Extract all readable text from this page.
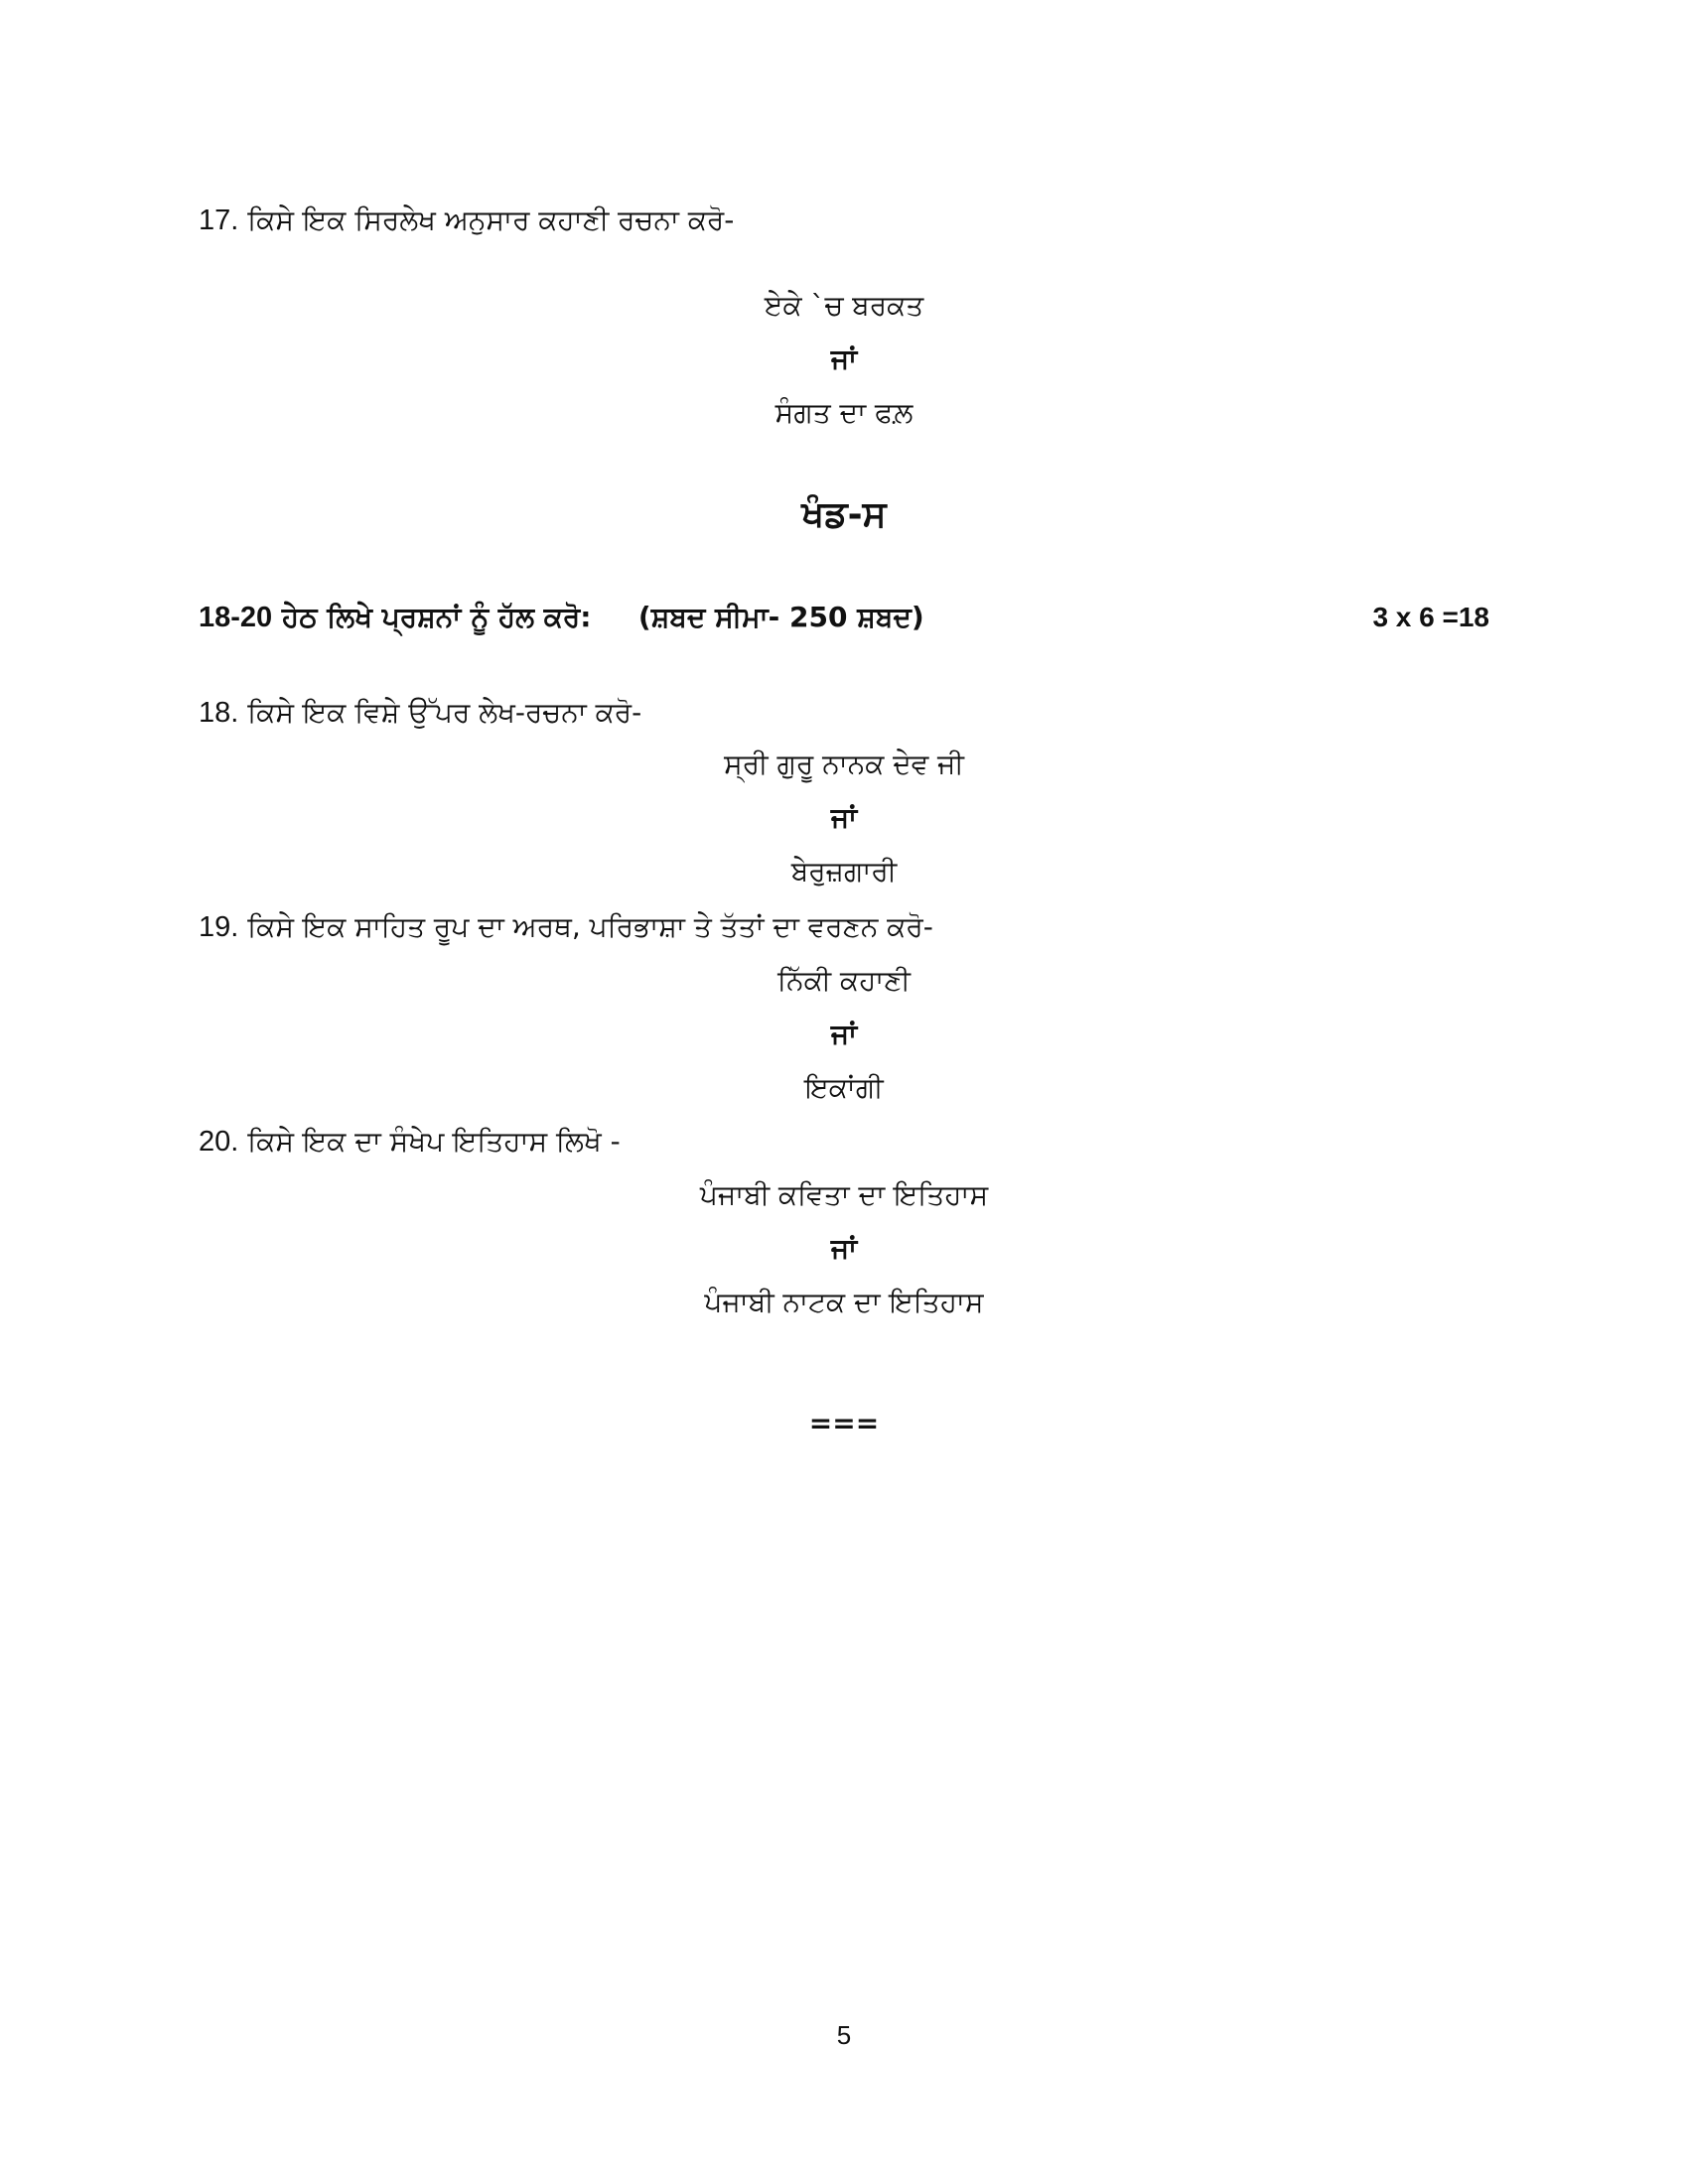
17. ਕਿਸੇ ਇਕ ਸਿਰਲੇਖ ਅਨੁਸਾਰ ਕਹਾਣੀ ਰਚਨਾ ਕਰੋ-
ਏਕੇ `ਚ ਬਰਕਤ
ਜਾਂ
ਸੰਗਤ ਦਾ ਫਲ਼
ਖੰਡ-ਸ
18-20 ਹੇਠ ਲਿਖੇ ਪ੍ਰਸ਼ਨਾਂ ਨੂੰ ਹੱਲ ਕਰੋ: (ਸ਼ਬਦ ਸੀਮਾ- 250 ਸ਼ਬਦ)	3 x 6 =18
18. ਕਿਸੇ ਇਕ ਵਿਸ਼ੇ ਉੱਪਰ ਲੇਖ-ਰਚਨਾ ਕਰੋ-
ਸ੍ਰੀ ਗੁਰੂ ਨਾਨਕ ਦੇਵ ਜੀ
ਜਾਂ
ਬੇਰੁਜ਼ਗਾਰੀ
19. ਕਿਸੇ ਇਕ ਸਾਹਿਤ ਰੂਪ ਦਾ ਅਰਥ, ਪਰਿਭਾਸ਼ਾ ਤੇ ਤੱਤਾਂ ਦਾ ਵਰਣਨ ਕਰੋ-
ਨਿੱਕੀ ਕਹਾਣੀ
ਜਾਂ
ਇਕਾਂਗੀ
20. ਕਿਸੇ ਇਕ ਦਾ ਸੰਖੇਪ ਇਤਿਹਾਸ ਲਿਖੋ -
ਪੰਜਾਬੀ ਕਵਿਤਾ ਦਾ ਇਤਿਹਾਸ
ਜਾਂ
ਪੰਜਾਬੀ ਨਾਟਕ ਦਾ ਇਤਿਹਾਸ
===
5
